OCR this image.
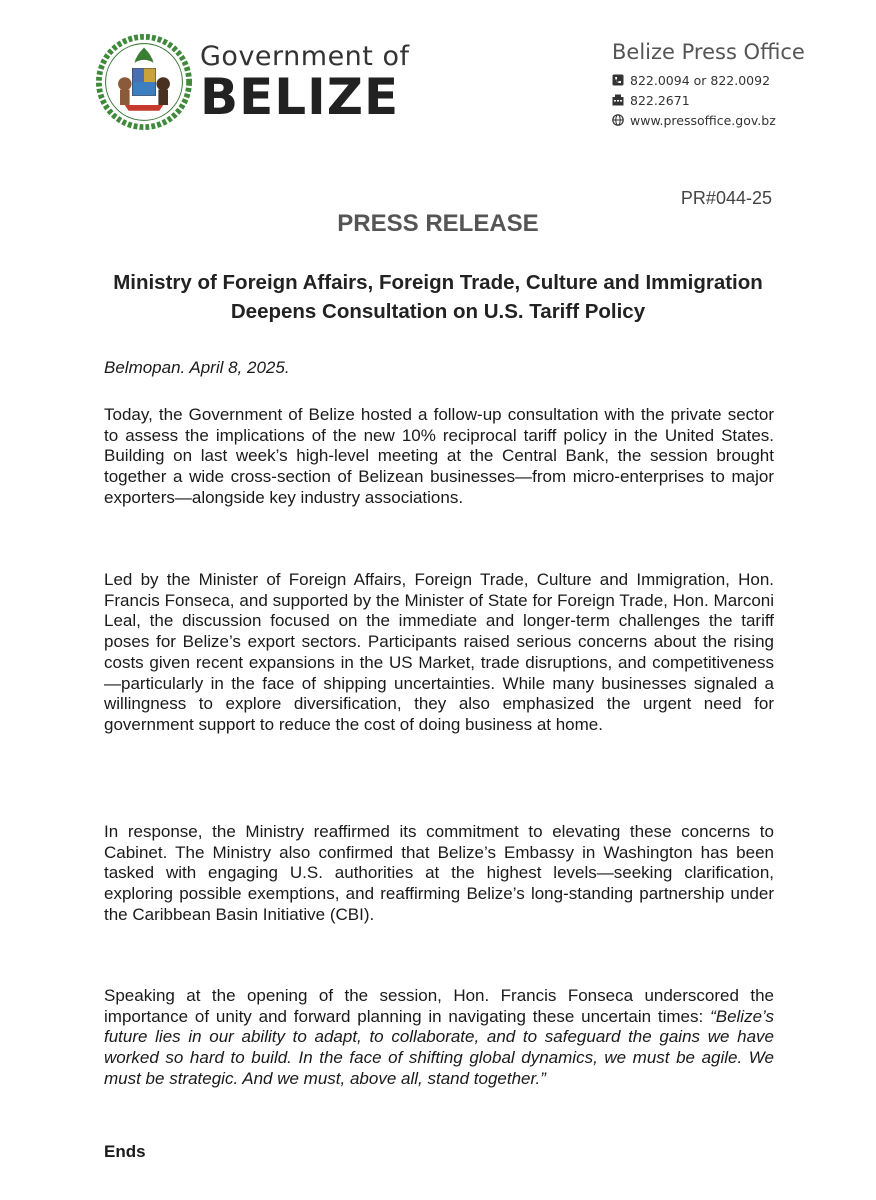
Government of
BELIZE
Belize Press Office
822.0094 or 822.0092
822.2671
www.pressoffice.gov.bz
PR#044-25
PRESS RELEASE
Ministry of Foreign Affairs, Foreign Trade, Culture and Immigration Deepens Consultation on U.S. Tariff Policy
Belmopan. April 8, 2025.
Today, the Government of Belize hosted a follow-up consultation with the private sector to assess the implications of the new 10% reciprocal tariff policy in the United States. Building on last week’s high-level meeting at the Central Bank, the session brought together a wide cross-section of Belizean businesses—from micro-enterprises to major exporters—alongside key industry associations.
Led by the Minister of Foreign Affairs, Foreign Trade, Culture and Immigration, Hon. Francis Fonseca, and supported by the Minister of State for Foreign Trade, Hon. Marconi Leal, the discussion focused on the immediate and longer-term challenges the tariff poses for Belize’s export sectors. Participants raised serious concerns about the rising costs given recent expansions in the US Market, trade disruptions, and competitiveness—particularly in the face of shipping uncertainties. While many businesses signaled a willingness to explore diversification, they also emphasized the urgent need for government support to reduce the cost of doing business at home.
In response, the Ministry reaffirmed its commitment to elevating these concerns to Cabinet. The Ministry also confirmed that Belize’s Embassy in Washington has been tasked with engaging U.S. authorities at the highest levels—seeking clarification, exploring possible exemptions, and reaffirming Belize’s long-standing partnership under the Caribbean Basin Initiative (CBI).
Speaking at the opening of the session, Hon. Francis Fonseca underscored the importance of unity and forward planning in navigating these uncertain times: “Belize’s future lies in our ability to adapt, to collaborate, and to safeguard the gains we have worked so hard to build. In the face of shifting global dynamics, we must be agile. We must be strategic. And we must, above all, stand together.”
Ends
